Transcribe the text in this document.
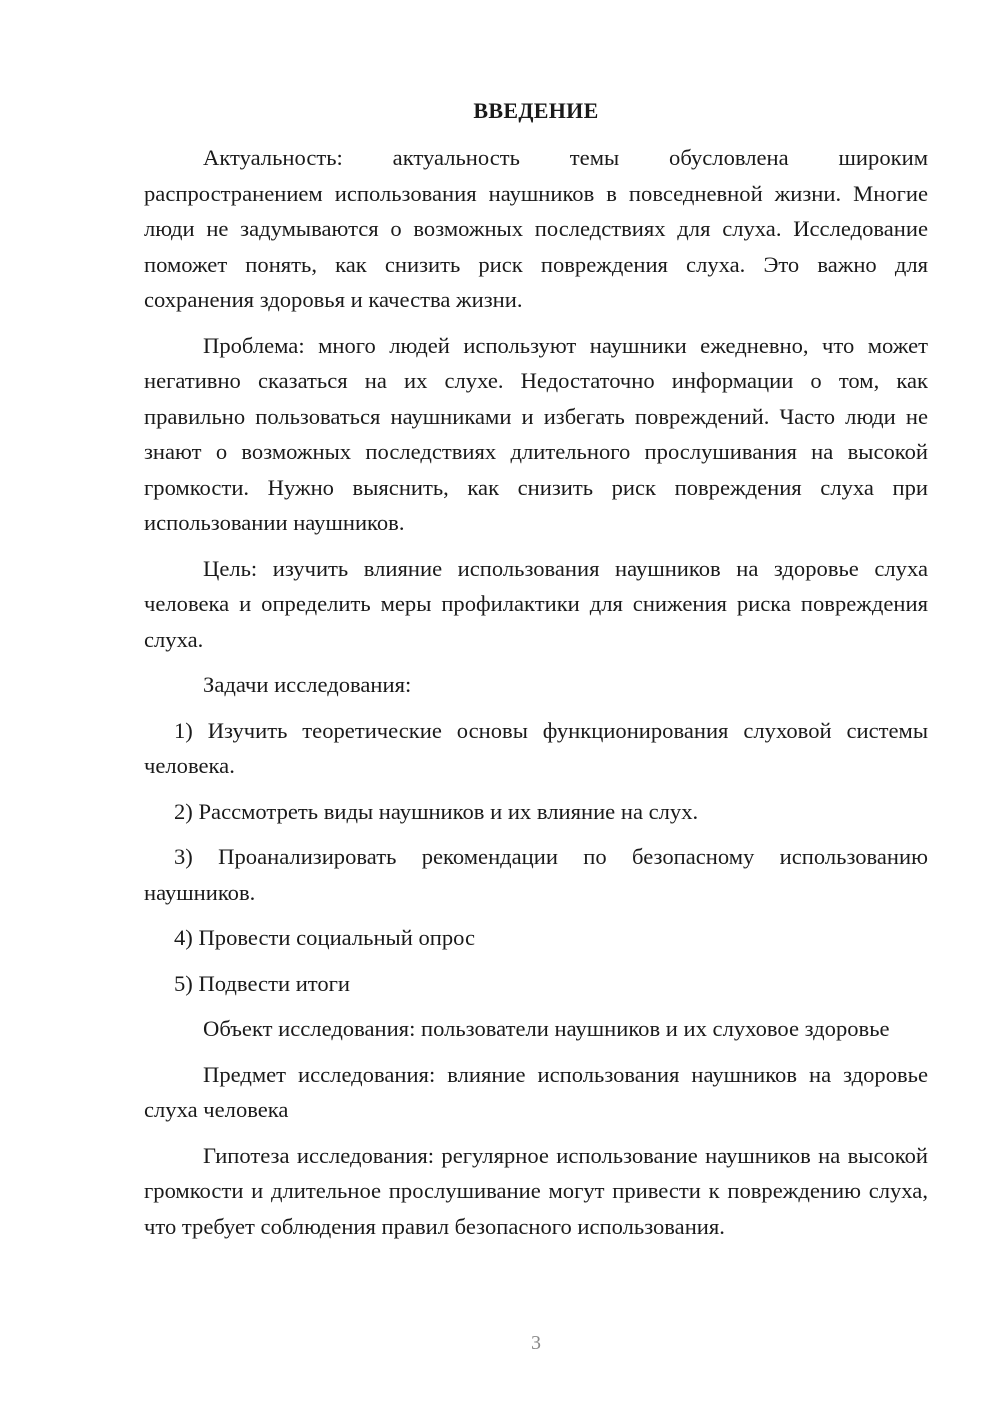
ВВЕДЕНИЕ

Актуальность: актуальность темы обусловлена широким распространением использования наушников в повседневной жизни. Многие люди не задумываются о возможных последствиях для слуха. Исследование поможет понять, как снизить риск повреждения слуха. Это важно для сохранения здоровья и качества жизни.

Проблема: много людей используют наушники ежедневно, что может негативно сказаться на их слухе. Недостаточно информации о том, как правильно пользоваться наушниками и избегать повреждений. Часто люди не знают о возможных последствиях длительного прослушивания на высокой громкости. Нужно выяснить, как снизить риск повреждения слуха при использовании наушников.

Цель: изучить влияние использования наушников на здоровье слуха человека и определить меры профилактики для снижения риска повреждения слуха.

Задачи исследования:

1) Изучить теоретические основы функционирования слуховой системы человека.

2) Рассмотреть виды наушников и их влияние на слух.

3) Проанализировать рекомендации по безопасному использованию наушников.

4) Провести социальный опрос

5) Подвести итоги

Объект исследования: пользователи наушников и их слуховое здоровье

Предмет исследования: влияние использования наушников на здоровье слуха человека

Гипотеза исследования: регулярное использование наушников на высокой громкости и длительное прослушивание могут привести к повреждению слуха, что требует соблюдения правил безопасного использования.

3
